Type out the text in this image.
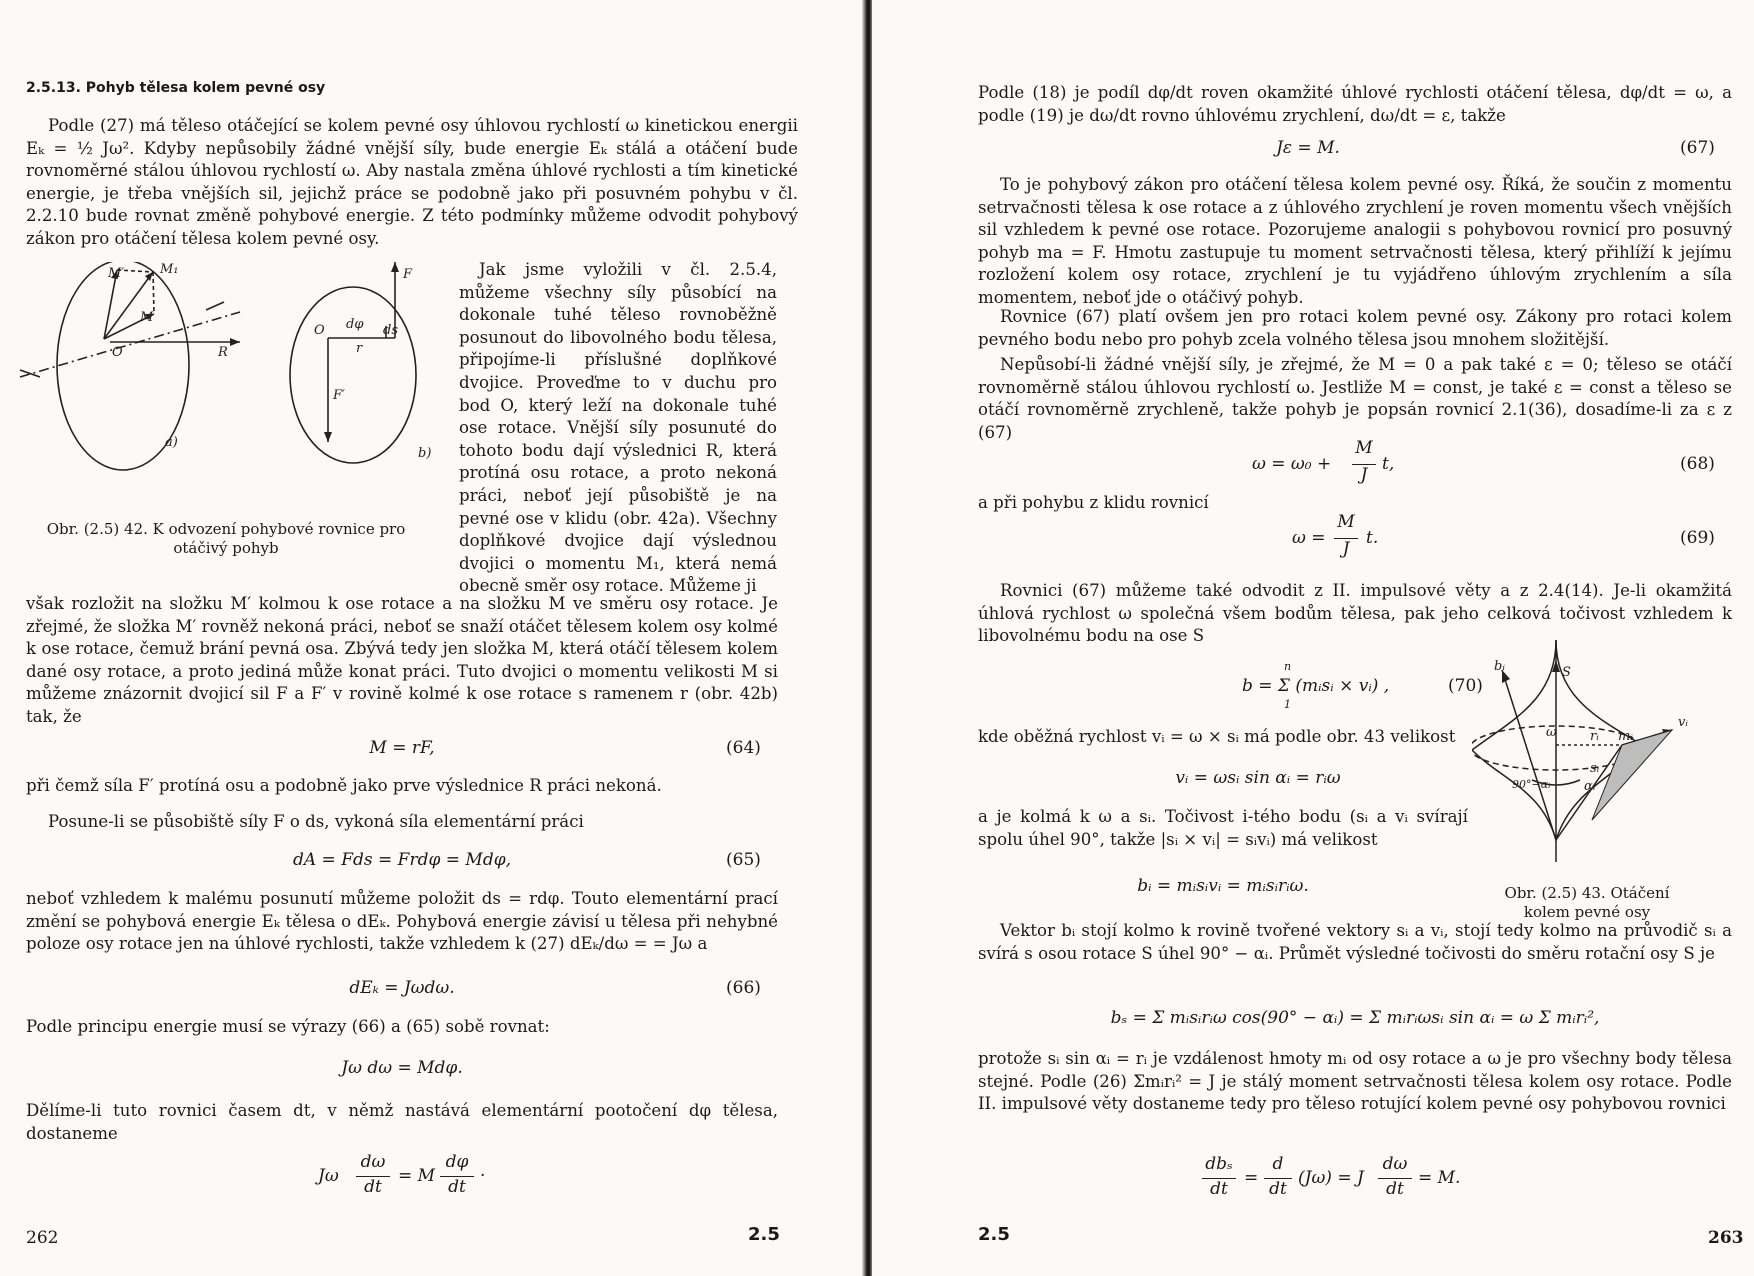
2.5.13. Pohyb tělesa kolem pevné osy

Podle (27) má těleso otáčející se kolem pevné osy úhlovou rychlostí ω kinetickou energii Eₖ = ½ Jω². Kdyby nepůsobily žádné vnější síly, bude energie Eₖ stálá a otáčení bude rovnoměrné stálou úhlovou rychlostí ω. Aby nastala změna úhlové rychlosti a tím kinetické energie, je třeba vnějších sil, jejichž práce se podobně jako při posuvném pohybu v čl. 2.2.10 bude rovnat změně pohybové energie. Z této podmínky můžeme odvodit pohybový zákon pro otáčení tělesa kolem pevné osy.

M′	M₁
M
O	R
a)
F
dφ ds
r
O
F′
b)
Obr. (2.5) 42. K odvození pohybové rovnice pro otáčivý pohyb

Jak jsme vyložili v čl. 2.5.4, můžeme všechny síly působící na dokonale tuhé těleso rovnoběžně posunout do libovolného bodu tělesa, připojíme-li příslušné doplňkové dvojice. Proveďme to v duchu pro bod O, který leží na dokonale tuhé ose rotace. Vnější síly posunuté do tohoto bodu dají výslednici R, která protíná osu rotace, a proto nekoná práci, neboť její působiště je na pevné ose v klidu (obr. 42a). Všechny doplňkové dvojice dají výslednou dvojici o momentu M₁, která nemá obecně směr osy rotace. Můžeme ji

však rozložit na složku M′ kolmou k ose rotace a na složku M ve směru osy rotace. Je zřejmé, že složka M′ rovněž nekoná práci, neboť se snaží otáčet tělesem kolem osy kolmé k ose rotace, čemuž brání pevná osa. Zbývá tedy jen složka M, která otáčí tělesem kolem dané osy rotace, a proto jediná může konat práci. Tuto dvojici o momentu velikosti M si můžeme znázornit dvojicí sil F a F′ v rovině kolmé k ose rotace s ramenem r (obr. 42b) tak, že

M = rF,	(64)

při čemž síla F′ protíná osu a podobně jako prve výslednice R práci nekoná.

Posune-li se působiště síly F o ds, vykoná síla elementární práci

dA = Fds = Frdφ = Mdφ,	(65)

neboť vzhledem k malému posunutí můžeme položit ds = rdφ. Touto elementární prací změní se pohybová energie Eₖ tělesa o dEₖ. Pohybová energie závisí u tělesa při nehybné poloze osy rotace jen na úhlové rychlosti, takže vzhledem k (27) dEₖ/dω = = Jω a

dEₖ = Jωdω.	(66)

Podle principu energie musí se výrazy (66) a (65) sobě rovnat:

Jω dω = Mdφ.

Dělíme-li tuto rovnici časem dt, v němž nastává elementární pootočení dφ tělesa, dostaneme

Jω
dω
dt
= M
dφ
dt
·
262	2.5

Podle (18) je podíl dφ/dt roven okamžité úhlové rychlosti otáčení tělesa, dφ/dt = ω, a podle (19) je dω/dt rovno úhlovému zrychlení, dω/dt = ε, takže

Jε = M.	(67)

To je pohybový zákon pro otáčení tělesa kolem pevné osy. Říká, že součin z momentu setrvačnosti tělesa k ose rotace a z úhlového zrychlení je roven momentu všech vnějších sil vzhledem k pevné ose rotace. Pozorujeme analogii s pohybovou rovnicí pro posuvný pohyb ma = F. Hmotu zastupuje tu moment setrvačnosti tělesa, který přihlíží k jejímu rozložení kolem osy rotace, zrychlení je tu vyjádřeno úhlovým zrychlením a síla momentem, neboť jde o otáčivý pohyb.

Rovnice (67) platí ovšem jen pro rotaci kolem pevné osy. Zákony pro rotaci kolem pevného bodu nebo pro pohyb zcela volného tělesa jsou mnohem složitější.

Nepůsobí-li žádné vnější síly, je zřejmé, že M = 0 a pak také ε = 0; těleso se otáčí rovnoměrně stálou úhlovou rychlostí ω. Jestliže M = const, je také ε = const a těleso se otáčí rovnoměrně zrychleně, takže pohyb je popsán rovnicí 2.1(36), dosadíme-li za ε z (67)

ω = ω₀ +
M
J
t,	(68)

a při pohybu z klidu rovnicí

ω =
M
J
t.	(69)

Rovnici (67) můžeme také odvodit z II. impulsové věty a z 2.4(14). Je-li okamžitá úhlová rychlost ω společná všem bodům tělesa, pak jeho celková točivost vzhledem k libovolnému bodu na ose S

n
b = Σ (mᵢsᵢ × vᵢ) ,
1
(70)

kde oběžná rychlost vᵢ = ω × sᵢ má podle obr. 43 velikost

vᵢ = ωsᵢ sin αᵢ = rᵢω

a je kolmá k ω a sᵢ. Točivost i-tého bodu (sᵢ a vᵢ svírají spolu úhel 90°, takže |sᵢ × vᵢ| = sᵢvᵢ) má velikost

bᵢ = mᵢsᵢvᵢ = mᵢsᵢrᵢω.
S
bᵢ
ω	rᵢ mᵢ
vᵢ
sᵢ
αᵢ
90°−αᵢ
Obr. (2.5) 43. Otáčení kolem pevné osy

Vektor bᵢ stojí kolmo k rovině tvořené vektory sᵢ a vᵢ, stojí tedy kolmo na průvodič sᵢ a svírá s osou rotace S úhel 90° − αᵢ. Průmět výsledné točivosti do směru rotační osy S je

bₛ = Σ mᵢsᵢrᵢω cos(90° − αᵢ) = Σ mᵢrᵢωsᵢ sin αᵢ = ω Σ mᵢrᵢ²,

protože sᵢ sin αᵢ = rᵢ je vzdálenost hmoty mᵢ od osy rotace a ω je pro všechny body tělesa stejné. Podle (26) Σmᵢrᵢ² = J je stálý moment setrvačnosti tělesa kolem osy rotace. Podle II. impulsové věty dostaneme tedy pro těleso rotující kolem pevné osy pohybovou rovnici

dbₛ
dt
=
d
dt
(Jω) = J
dω
dt
= M.
2.5	263
